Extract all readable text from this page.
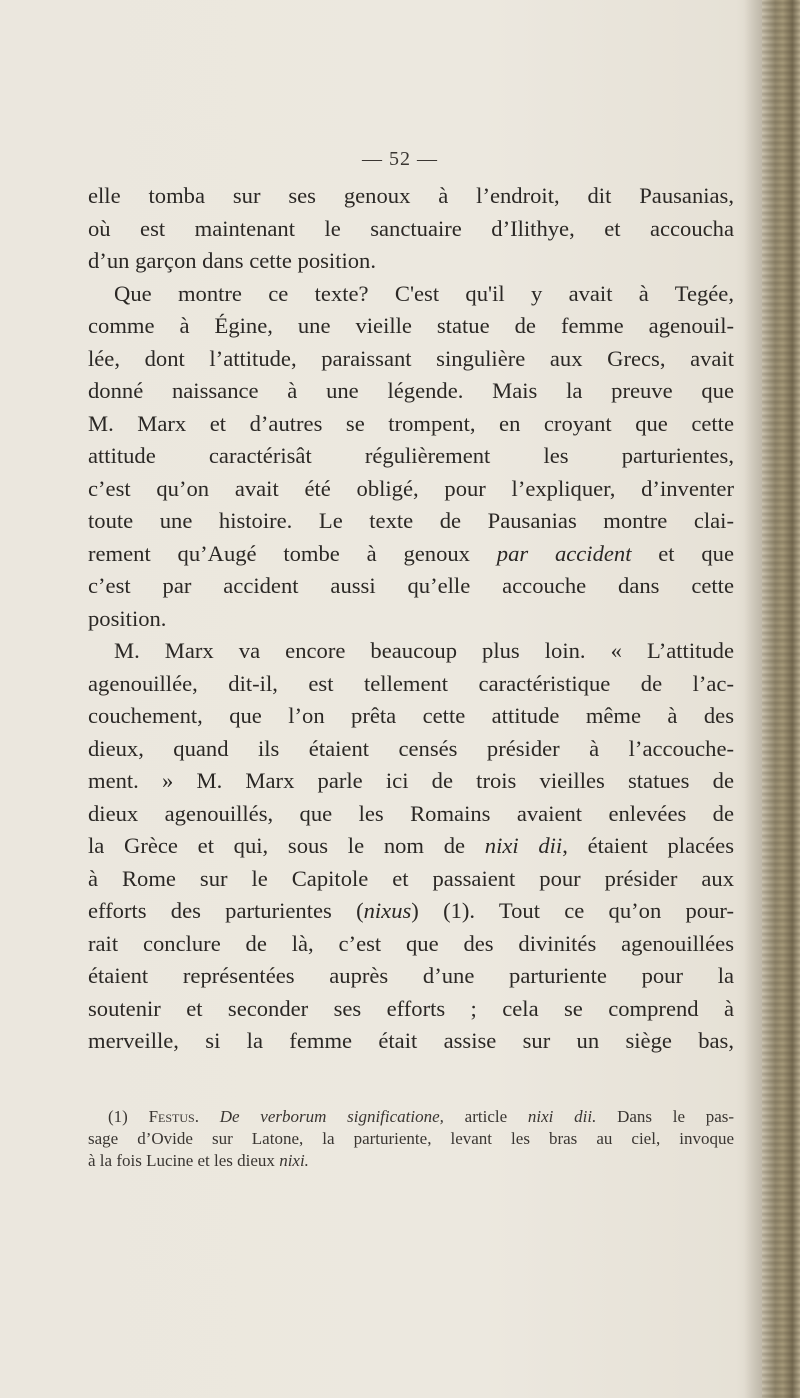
— 52 —
elle tomba sur ses genoux à l’endroit, dit Pausanias,
où est maintenant le sanctuaire d’Ilithye, et accoucha
d’un garçon dans cette position.
Que montre ce texte? C'est qu'il y avait à Tegée,
comme à Égine, une vieille statue de femme agenouil-
lée, dont l’attitude, paraissant singulière aux Grecs, avait
donné naissance à une légende. Mais la preuve que
M. Marx et d’autres se trompent, en croyant que cette
attitude caractérisât régulièrement les parturientes,
c’est qu’on avait été obligé, pour l’expliquer, d’inventer
toute une histoire. Le texte de Pausanias montre clai-
rement qu’Augé tombe à genoux par accident et que
c’est par accident aussi qu’elle accouche dans cette
position.
M. Marx va encore beaucoup plus loin. « L’attitude
agenouillée, dit-il, est tellement caractéristique de l’ac-
couchement, que l’on prêta cette attitude même à des
dieux, quand ils étaient censés présider à l’accouche-
ment. » M. Marx parle ici de trois vieilles statues de
dieux agenouillés, que les Romains avaient enlevées de
la Grèce et qui, sous le nom de nixi dii, étaient placées
à Rome sur le Capitole et passaient pour présider aux
efforts des parturientes (nixus) (1). Tout ce qu’on pour-
rait conclure de là, c’est que des divinités agenouillées
étaient représentées auprès d’une parturiente pour la
soutenir et seconder ses efforts ; cela se comprend à
merveille, si la femme était assise sur un siège bas,
(1) Festus. De verborum significatione, article nixi dii. Dans le pas-
sage d’Ovide sur Latone, la parturiente, levant les bras au ciel, invoque
à la fois Lucine et les dieux nixi.
